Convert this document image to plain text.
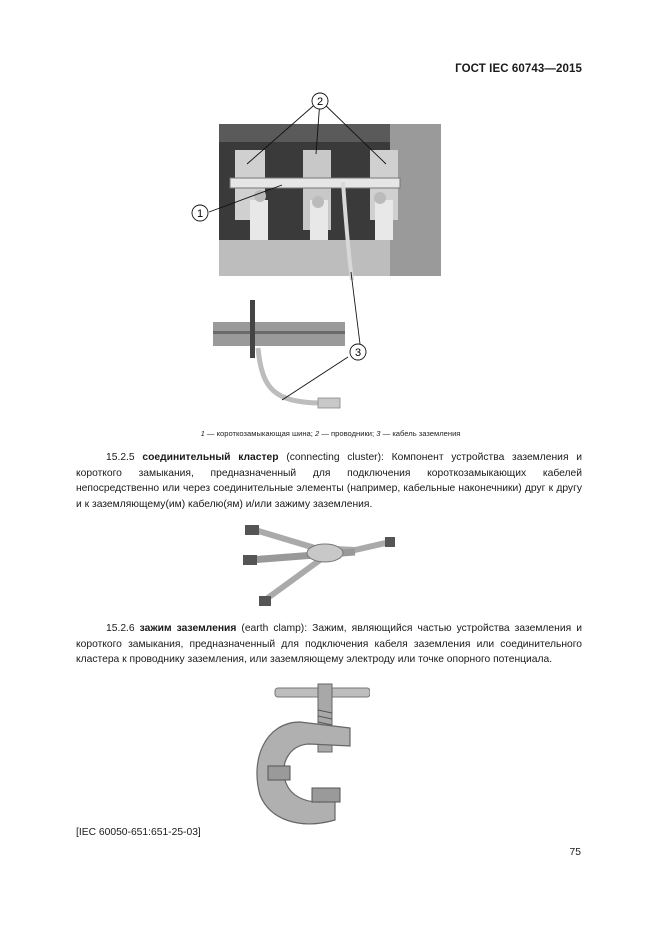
ГОСТ IEC 60743—2015
2
1
3
1 — короткозамыкающая шина; 2 — проводники; 3 — кабель заземления
15.2.5 соединительный кластер (connecting cluster): Компонент устройства заземления и короткого замыкания, предназначенный для подключения короткозамыкающих кабелей непосредственно или через соединительные элементы (например, кабельные наконечники) друг к другу и к заземляющему(им) кабелю(ям) и/или зажиму заземления.
15.2.6 зажим заземления (earth clamp): Зажим, являющийся частью устройства заземления и короткого замыкания, предназначенный для подключения кабеля заземления или соединительного кластера к проводнику заземления, или заземляющему электроду или точке опорного потенциала.
[IEC 60050-651:651-25-03]
75
